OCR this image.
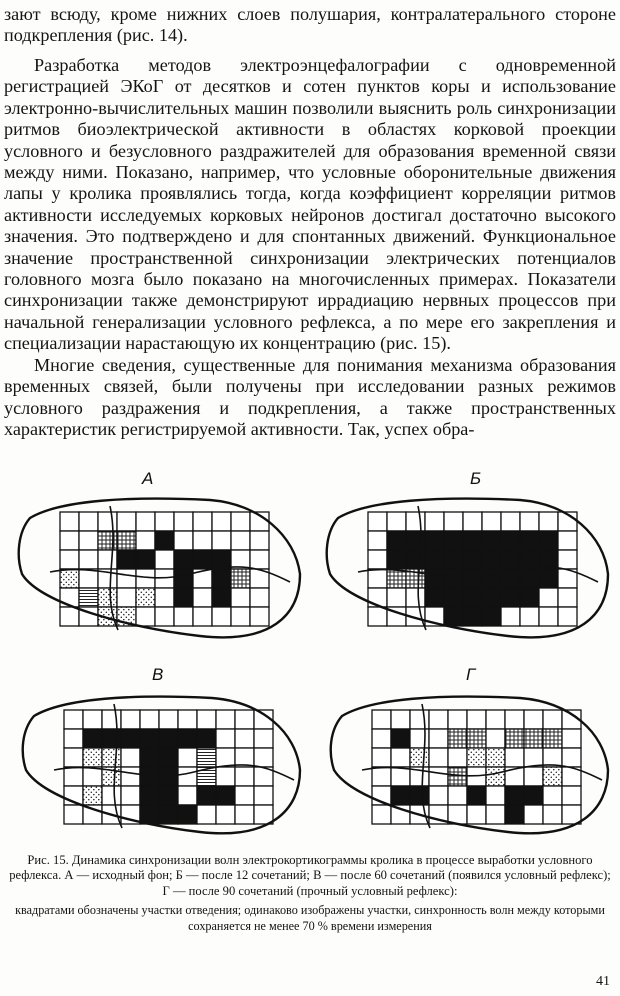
зают всюду, кроме нижних слоев полушария, контралатерального стороне подкрепления (рис. 14).

Разработка методов электроэнцефалографии с одновременной регистрацией ЭКоГ от десятков и сотен пунктов коры и использование электронно-вычислительных машин позволили выяснить роль синхронизации ритмов биоэлектрической активности в областях корковой проекции условного и безусловного раздражителей для образования временной связи между ними. Показано, например, что условные оборонительные движения лапы у кролика проявлялись тогда, когда коэффициент корреляции ритмов активности исследуемых корковых нейронов достигал достаточно высокого значения. Это подтверждено и для спонтанных движений. Функциональное значение пространственной синхронизации электрических потенциалов головного мозга было показано на многочисленных примерах. Показатели синхронизации также демонстрируют иррадиацию нервных процессов при начальной генерализации условного рефлекса, а по мере его закрепления и специализации нарастающую их концентрацию (рис. 15).

Многие сведения, существенные для понимания механизма образования временных связей, были получены при исследовании разных режимов условного раздражения и подкрепления, а также пространственных характеристик регистрируемой активности. Так, успех обра-

А	Б
В	Г

Рис. 15. Динамика синхронизации волн электрокортикограммы кролика в процессе выработки условного рефлекса. А — исходный фон; Б — после 12 сочетаний; В — после 60 сочетаний (появился условный рефлекс); Г — после 90 сочетаний (прочный условный рефлекс):

квадратами обозначены участки отведения; одинаково изображены участки, синхронность волн между которыми сохраняется не менее 70 % времени измерения

41
